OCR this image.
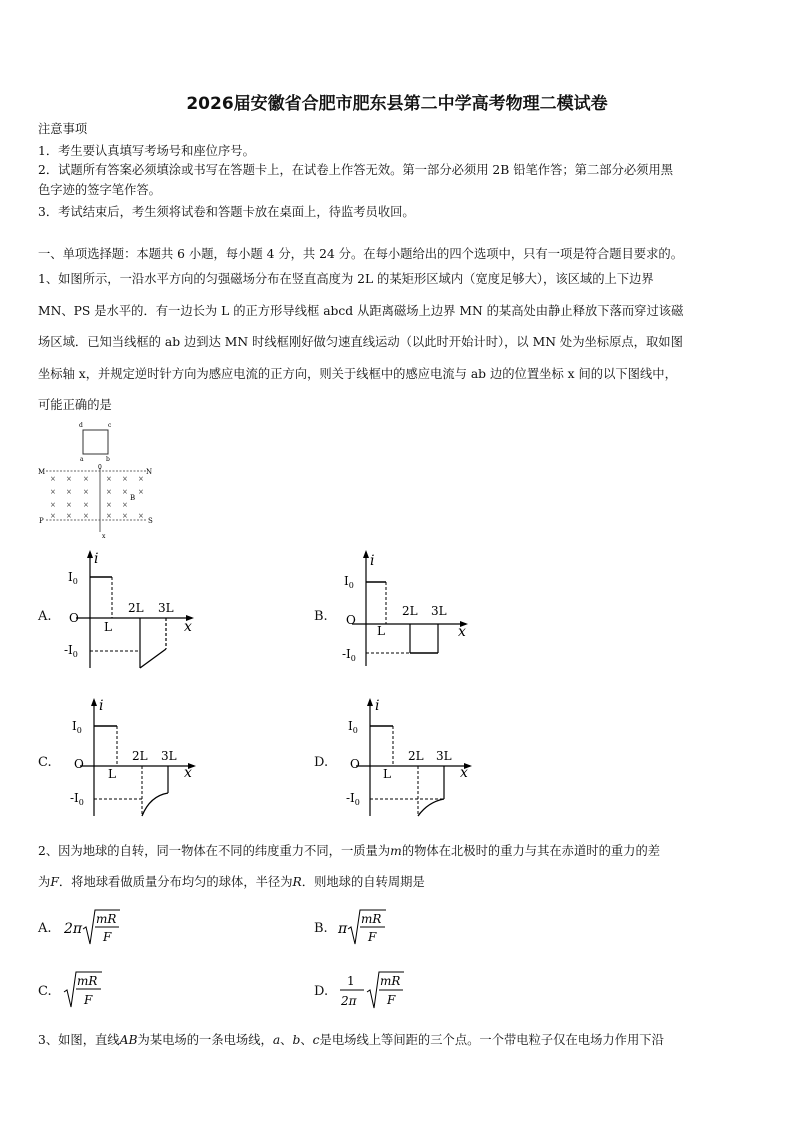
2026届安徽省合肥市肥东县第二中学高考物理二模试卷
注意事项
1．考生要认真填写考场号和座位序号。
2．试题所有答案必须填涂或书写在答题卡上，在试卷上作答无效。第一部分必须用 2B 铅笔作答；第二部分必须用黑
色字迹的签字笔作答。
3．考试结束后，考生须将试卷和答题卡放在桌面上，待监考员收回。
一、单项选择题：本题共 6 小题，每小题 4 分，共 24 分。在每小题给出的四个选项中，只有一项是符合题目要求的。
1、如图所示，一沿水平方向的匀强磁场分布在竖直高度为 2L 的某矩形区域内（宽度足够大），该区域的上下边界
MN、PS 是水平的．有一边长为 L 的正方形导线框 abcd 从距离磁场上边界 MN 的某高处由静止释放下落而穿过该磁
场区域．已知当线框的 ab 边到达 MN 时线框刚好做匀速直线运动（以此时开始计时），以 MN 处为坐标原点，取如图
坐标轴 x，并规定逆时针方向为感应电流的正方向，则关于线框中的感应电流与 ab 边的位置坐标 x 间的以下图线中，
可能正确的是
d	c
a	b
M	N
P	S
0
B
x
× × × × × ×
× × × × × ×
× × × × ×
× × × × × ×
A.
i
x
O
$I_0$
$-I_0$
L
2L 3L
B.
i
x
O
$I_0$
$-I_0$
L
2L 3L
C.
i
x
O
$I_0$
$-I_0$
L
2L 3L	D.
i
x
O
$I_0$
$-I_0$
L
2L 3L
2、因为地球的自转，同一物体在不同的纬度重力不同，一质量为m的物体在北极时的重力与其在赤道时的重力的差
为F．将地球看做质量分布均匀的球体，半径为R．则地球的自转周期是
A. 2π
mR
F
B. π
mR
F
C.
mR
F
D.
1
2π
mR
F
3、如图，直线AB为某电场的一条电场线，a、b、c是电场线上等间距的三个点。一个带电粒子仅在电场力作用下沿
